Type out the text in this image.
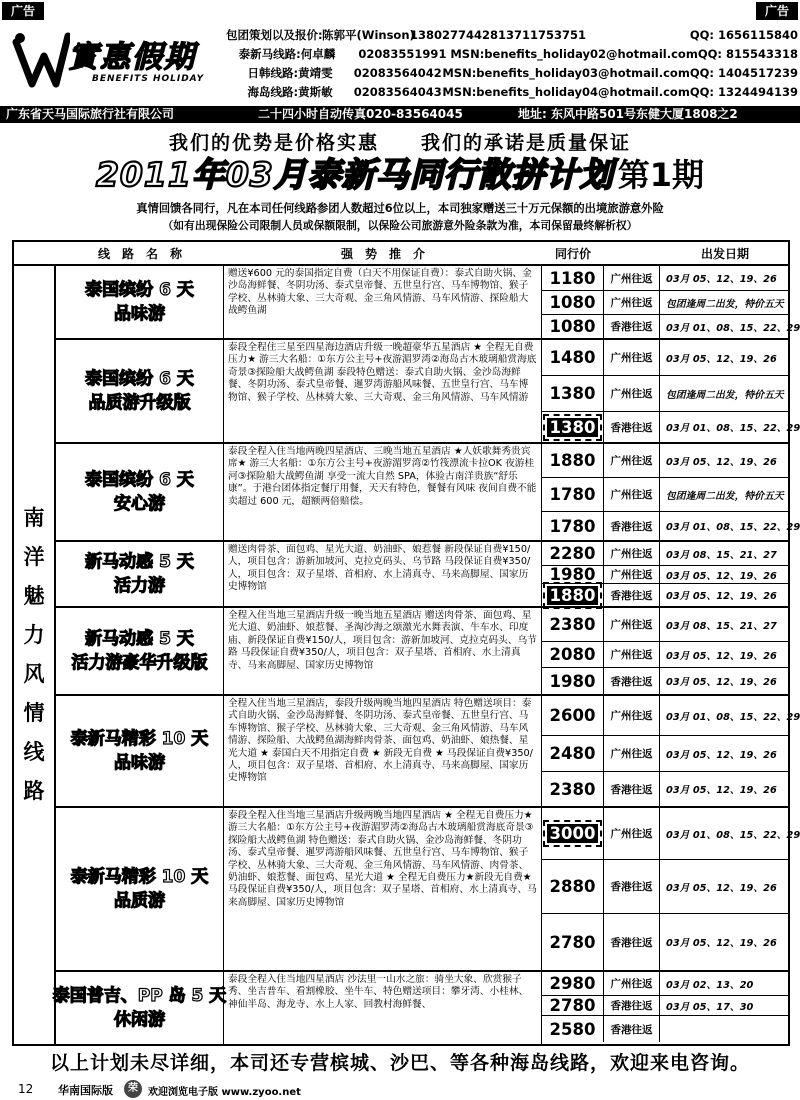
广告	广告
實惠假期
BENEFITS HOLIDAY
包团策划以及报价: 陈郭平(Winson)
13802774428 13711753751	QQ: 1656115840
泰新马线路: 何卓麟	02083551991 MSN:benefits_holiday02@hotmail.com QQ: 815543318
日韩线路: 黄靖雯	02083564042 MSN:benefits_holiday03@hotmail.com QQ: 1404517239
海岛线路: 黄斯敏	02083564043 MSN:benefits_holiday04@hotmail.com QQ: 1324494139
广东省天马国际旅行社有限公司	二十四小时自动传真020-83564045	地址: 东风中路501号东健大厦1808之2
我们的优势是价格实惠　　我们的承诺是质量保证
2011年03月泰新马同行散拼计划 第1期
真情回馈各同行，凡在本司任何线路参团人数超过6位以上，本司独家赠送三十万元保额的出境旅游意外险
（如有出现保险公司限制人员或保额限制，以保险公司旅游意外险条款为准，本司保留最终解析权）
线　路　名　称	强　势　推　介	同行价	出发日期
南
洋
魅
力
风
情
线
路
泰国缤纷 6 天
品味游
赠送¥600 元的泰国指定自费（白天不用保证自费）：泰式自助火锅、金沙岛海鲜餐、冬阴功汤、泰式皇帝餐、五世皇行宫、马车博物馆、猴子学校、丛林骑大象、三大奇观、金三角风情游、马车风情游、探险船大战鳄鱼湖
1180	广州往返	03月 05、12、19、26
1080	广州往返	包团逢周二出发，特价五天
1080	香港往返	03月 01、08、15、22、29
泰国缤纷 6 天
品质游升级版
泰段全程住三星至四星海边酒店升级一晚超豪华五星酒店 ★ 全程无自费压力★ 游三大名船：①东方公主号+夜游湄罗湾②海岛古木玻璃船赏海底奇景③探险船大战鳄鱼湖 泰段特色赠送：泰式自助火锅、金沙岛海鲜餐、冬阴功汤、泰式皇帝餐、暹罗湾游船风味餐、五世皇行宫、马车博物馆、猴子学校、丛林骑大象、三大奇观、金三角风情游、马车风情游
1480	广州往返	03月 05、12、19、26
1380	广州往返	包团逢周二出发，特价五天
1380	香港往返	03月 01、08、15、22、29
泰国缤纷 6 天
安心游
泰段全程入住当地两晚四星酒店、三晚当地五星酒店 ★人妖歌舞秀贵宾席★ 游三大名船：①东方公主号+夜游湄罗湾②竹筏漂流卡拉OK 夜游桂河③探险船大战鳄鱼湖 享受一流大自然 SPA，体验古南洋贵族“舒乐康”。于港台团体指定餐厅用餐，天天有特色，餐餐有风味 夜间自费不能卖超过 600 元，超额两倍赔偿。
1880	广州往返	03月 05、12、19、26
1780	广州往返	包团逢周二出发，特价五天
1780	香港往返	03月 01、08、15、22、29
新马动感 5 天
活力游
赠送肉骨茶、面包鸡、星光大道、奶油虾、娘惹餐 新段保证自费¥150/人，项目包含：游新加坡河、克拉克码头、乌节路 马段保证自费¥350/人，项目包含：双子星塔、首相府、水上清真寺、马来高脚屋、国家历史博物馆
2280	广州往返	03月 08、15、21、27
1980	广州往返	03月 05、12、19、26
1880	香港往返	03月 05、12、19、26
新马动感 5 天
活力游豪华升级版
全程入住当地三星酒店升级一晚当地五星酒店 赠送肉骨茶、面包鸡、星光大道、奶油虾、娘惹餐、圣淘沙海之颂激光水舞表演、牛车水、印度庙、新段保证自费¥150/人，项目包含：游新加坡河、克拉克码头、乌节路 马段保证自费¥350/人，项目包含：双子星塔、首相府、水上清真寺、马来高脚屋、国家历史博物馆
2380	广州往返	03月 08、15、21、27
2080	广州往返	03月 05、12、19、26
1980	香港往返	03月 05、12、19、26
泰新马精彩 10 天
品味游
全程入住当地三星酒店，泰段升级两晚当地四星酒店 特色赠送项目：泰式自助火锅、金沙岛海鲜餐、冬阴功汤、泰式皇帝餐、五世皇行宫、马车博物馆、猴子学校、丛林骑大象、三大奇观、金三角风情游、马车风情游、探险船、大战鳄鱼湖海鲜肉骨茶、面包鸡、奶油虾、娘热餐、星光大道 ★ 泰国白天不用指定自费 ★ 新段无自费 ★ 马段保证自费¥350/人，项目包含：双子星塔、首相府、水上清真寺、马来高脚屋、国家历史博物馆
2600	广州往返	03月 01、08、15、22、29
2480	广州往返	03月 05、12、19、26
2380	香港往返	03月 05、12、19、26
泰新马精彩 10 天
品质游
泰段全程入住当地三星酒店升级两晚当地四星酒店 ★ 全程无自费压力★ 游三大名船：①东方公主号+夜游湄罗湾②海岛古木玻璃船赏海底奇景③探险船大战鳄鱼湖 特色赠送：泰式自助火锅、金沙岛海鲜餐、冬阴功汤、泰式皇帝餐、暹罗湾游船风味餐、五世皇行宫、马车博物馆、猴子学校、丛林骑大象、三大奇观、金三角风情游、马车风情游、肉骨茶、奶油虾、娘惹餐、面包鸡、星光大道 ★ 全程无自费压力★新段无自费★ 马段保证自费¥350/人，项目包含：双子星塔、首相府、水上清真寺、马来高脚屋、国家历史博物馆
3000	广州往返	03月 01、08、15、22、29
2880	香港往返	03月 05、12、19、26
2780	香港往返	03月 05、12、19、26
泰国普吉、PP 岛 5 天
休闲游
泰段全程入住当地四星酒店 沙法里一山水之旅：骑坐大象、欣赏猴子秀、坐吉普车、看割橡胶、坐牛车、特色赠送项目：攀牙湾、小桂林、神仙半岛、海龙寺、水上人家、回教村海鲜餐、
2980	广州往返	03月 02、13、20
2780	香港往返	03月 05、17、30
2580	香港往返
以上计划未尽详细，本司还专营槟城、沙巴、等各种海岛线路，欢迎来电咨询。
12 华南国际版	荣	欢迎浏览电子版 www.zyoo.net
